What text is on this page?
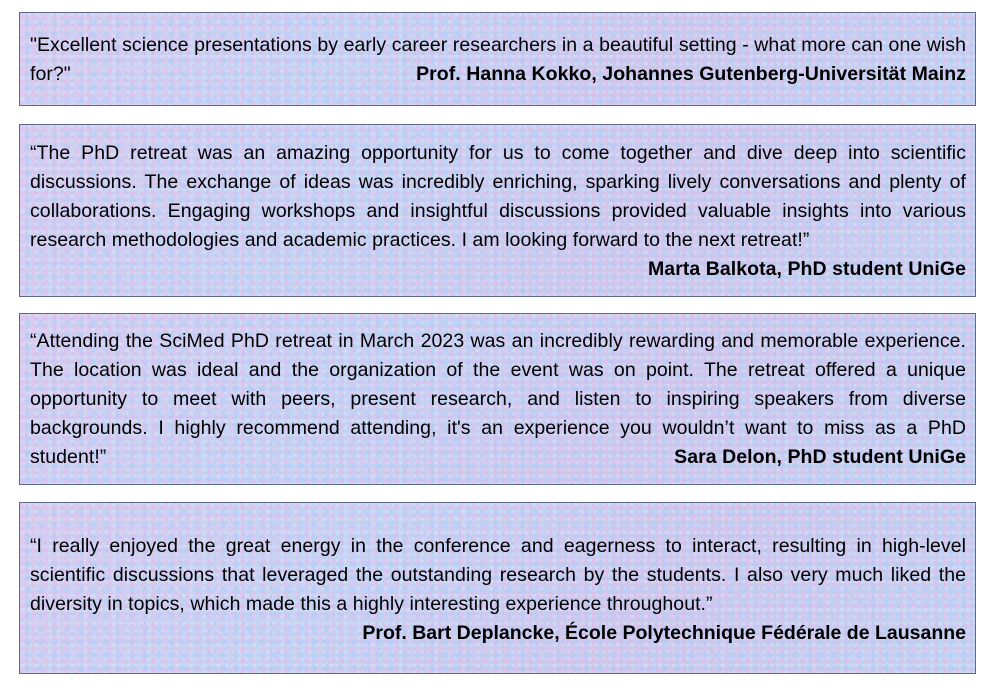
"Excellent science presentations by early career researchers in a beautiful setting - what more can one wish for?"	Prof. Hanna Kokko, Johannes Gutenberg-Universität Mainz
“The PhD retreat was an amazing opportunity for us to come together and dive deep into scientific discussions. The exchange of ideas was incredibly enriching, sparking lively conversations and plenty of collaborations. Engaging workshops and insightful discussions provided valuable insights into various research methodologies and academic practices. I am looking forward to the next retreat!”
Marta Balkota, PhD student UniGe
“Attending the SciMed PhD retreat in March 2023 was an incredibly rewarding and memorable experience. The location was ideal and the organization of the event was on point. The retreat offered a unique opportunity to meet with peers, present research, and listen to inspiring speakers from diverse backgrounds. I highly recommend attending, it's an experience you wouldn’t want to miss as a PhD student!”	Sara Delon, PhD student UniGe
“I really enjoyed the great energy in the conference and eagerness to interact, resulting in high-level scientific discussions that leveraged the outstanding research by the students. I also very much liked the diversity in topics, which made this a highly interesting experience throughout.”
Prof. Bart Deplancke, École Polytechnique Fédérale de Lausanne
